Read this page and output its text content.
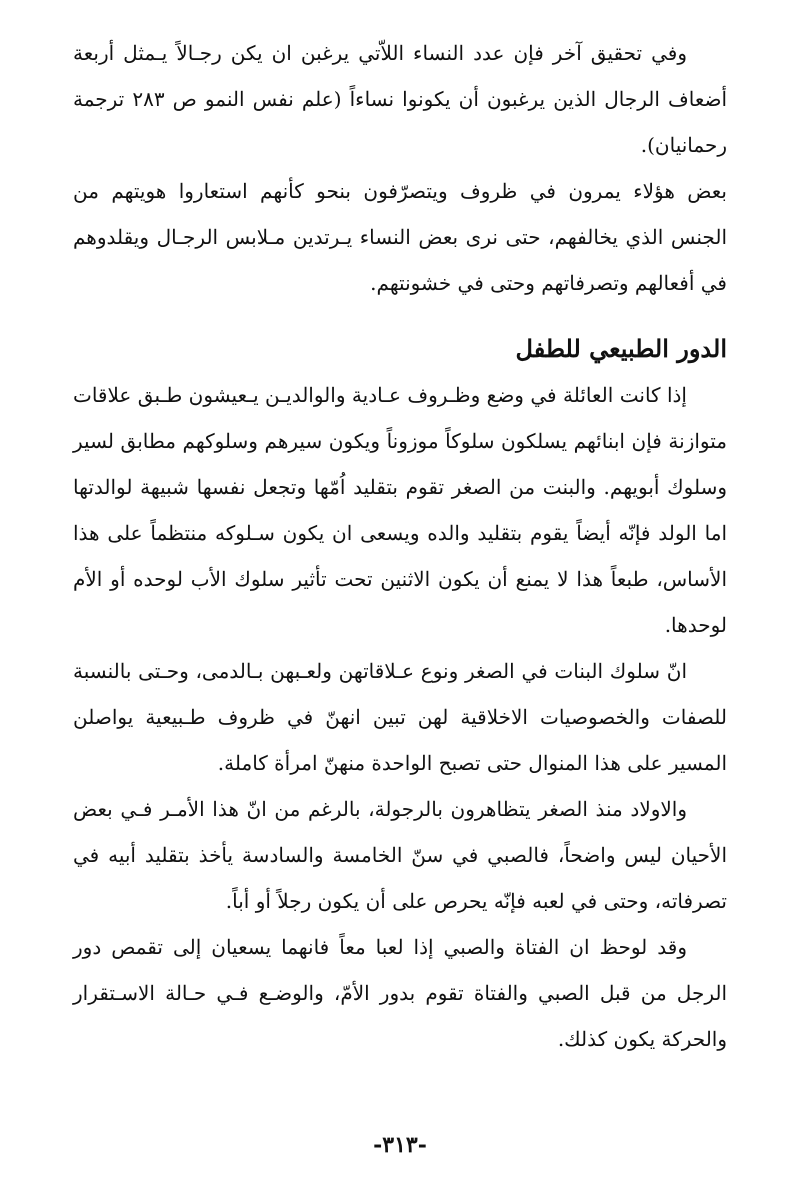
وفي تحقيق آخر فإن عدد النساء اللاّتي يرغبن ان يكن رجـالاً يـمثل أربعة أضعاف الرجال الذين يرغبون أن يكونوا نساءاً (علم نفس النمو ص ٢٨٣ ترجمة رحمانيان).

بعض هؤلاء يمرون في ظروف ويتصرّفون بنحو كأنهم استعاروا هويتهم من الجنس الذي يخالفهم، حتى نرى بعض النساء يـرتدين مـلابس الرجـال ويقلدوهم في أفعالهم وتصرفاتهم وحتى في خشونتهم.

الدور الطبيعي للطفل

إذا كانت العائلة في وضع وظـروف عـادية والوالديـن يـعيشون طـبق علاقات متوازنة فإن ابنائهم يسلكون سلوكاً موزوناً ويكون سيرهم وسلوكهم مطابق لسير وسلوك أبويهم. والبنت من الصغر تقوم بتقليد اُمّها وتجعل نفسها شبيهة لوالدتها اما الولد فإنّه أيضاً يقوم بتقليد والده ويسعى ان يكون سـلوكه منتظماً على هذا الأساس، طبعاً هذا لا يمنع أن يكون الاثنين تحت تأثير سلوك الأب لوحده أو الأم لوحدها.

انّ سلوك البنات في الصغر ونوع عـلاقاتهن ولعـبهن بـالدمى، وحـتى بالنسبة للصفات والخصوصيات الاخلاقية لهن تبين انهنّ في ظروف طـبيعية يواصلن المسير على هذا المنوال حتى تصبح الواحدة منهنّ امرأة كاملة.

والاولاد منذ الصغر يتظاهرون بالرجولة، بالرغم من انّ هذا الأمـر فـي بعض الأحيان ليس واضحاً، فالصبي في سنّ الخامسة والسادسة يأخذ بتقليد أبيه في تصرفاته، وحتى في لعبه فإنّه يحرص على أن يكون رجلاً أو أباً.

وقد لوحظ ان الفتاة والصبي إذا لعبا معاً فانهما يسعيان إلى تقمص دور الرجل من قبل الصبي والفتاة تقوم بدور الأمّ، والوضـع فـي حـالة الاسـتقرار والحركة يكون كذلك.

-٣١٣-
